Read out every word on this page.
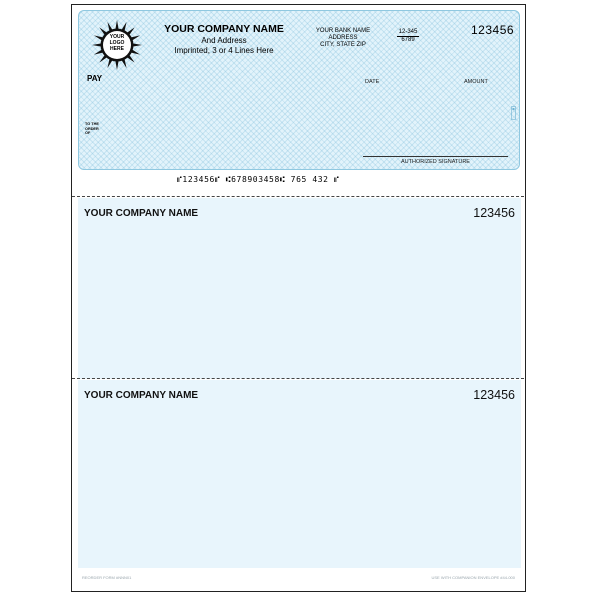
YOUR
LOGO
HERE
YOUR COMPANY NAME
And Address
Imprinted, 3 or 4 Lines Here
YOUR BANK NAME
ADDRESS
CITY, STATE ZIP
12-345
6789
123456
PAY	DATE	AMOUNT
TO THE
ORDER
OF
AUTHORIZED SIGNATURE
⑈123456⑈ ⑆678903458⑆ 765 432 ⑈
YOUR COMPANY NAME	123456
YOUR COMPANY NAME	123456
REORDER FORM #NNN01	USE WITH COMPANION ENVELOPE #44-000
